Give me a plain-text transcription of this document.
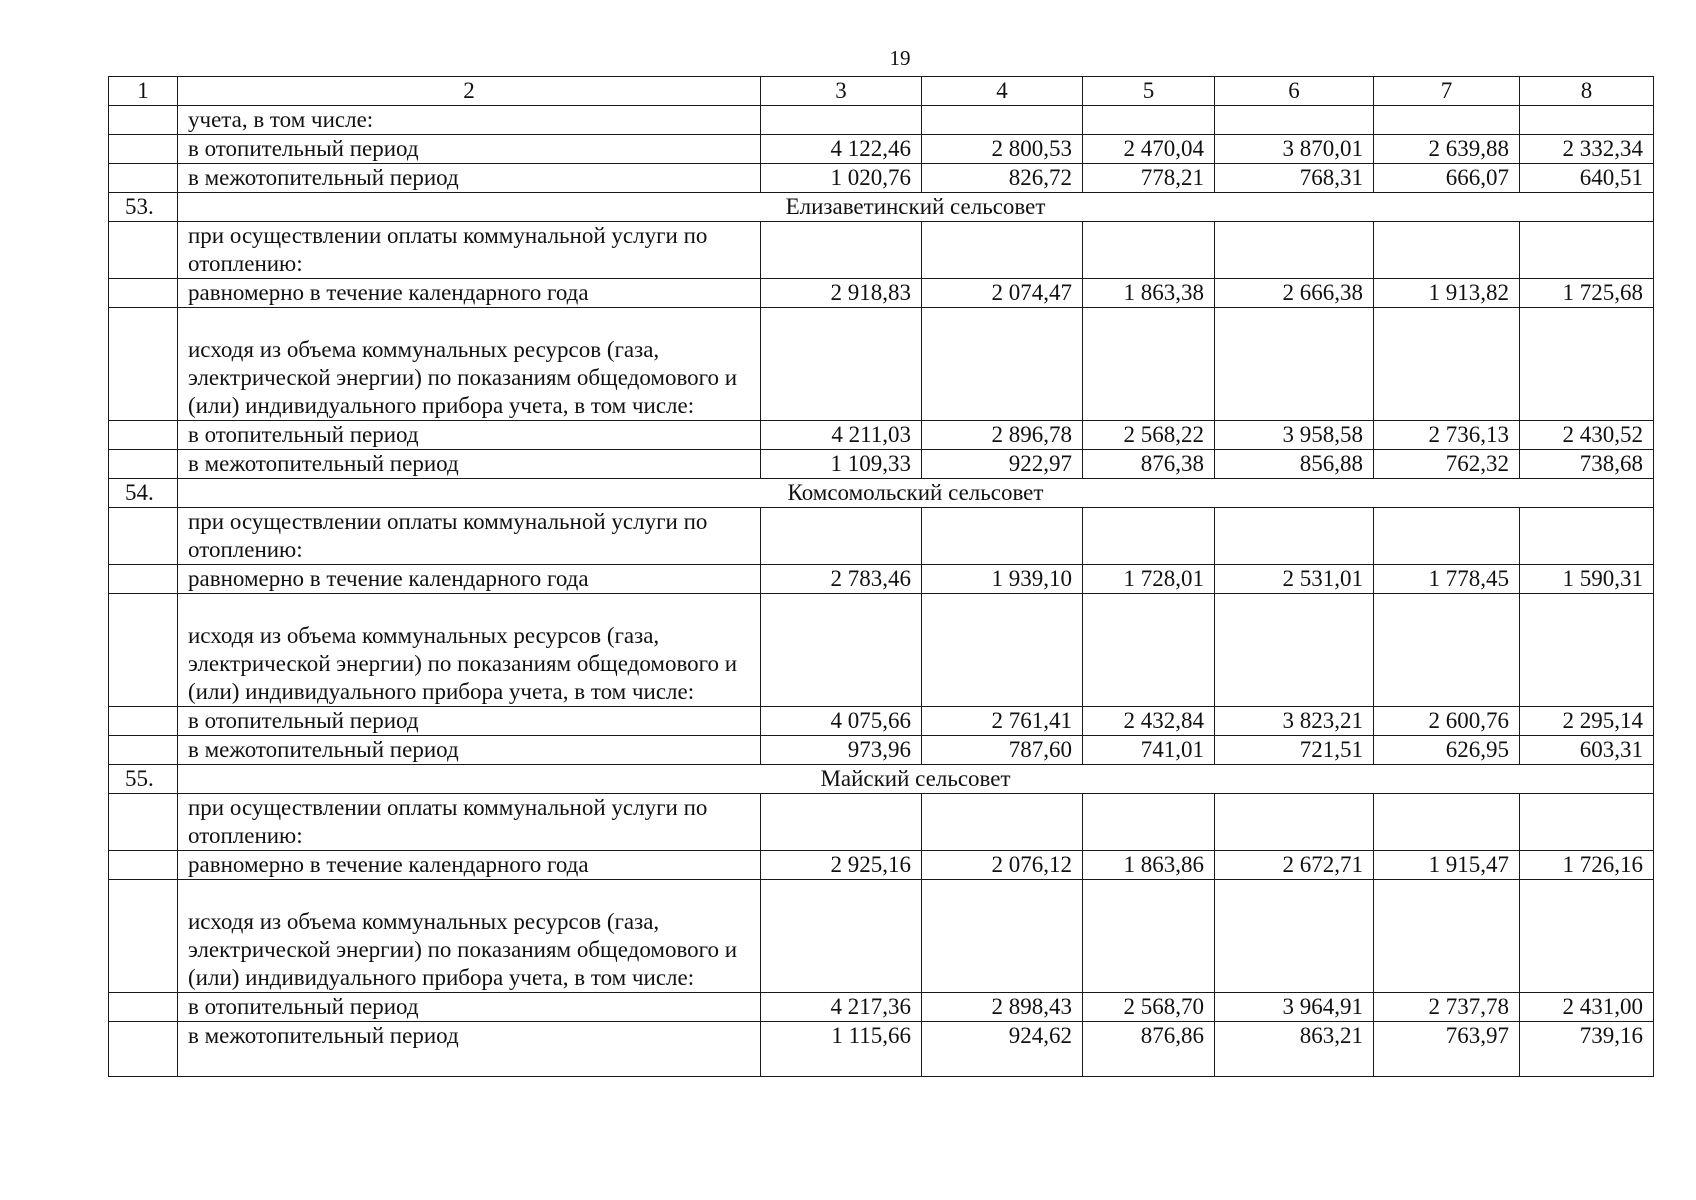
19
1	2	3	4	5	6	7	8
	учета, в том числе:						
	в отопительный период	4 122,46	2 800,53	2 470,04	3 870,01	2 639,88	2 332,34
	в межотопительный период	1 020,76	826,72	778,21	768,31	666,07	640,51
53.	Елизаветинский сельсовет						
	при осуществлении оплаты коммунальной услуги по отоплению:						
	равномерно в течение календарного года	2 918,83	2 074,47	1 863,38	2 666,38	1 913,82	1 725,68
	исходя из объема коммунальных ресурсов (газа, электрической энергии) по показаниям общедомового и (или) индивидуального прибора учета, в том числе:						
	в отопительный период	4 211,03	2 896,78	2 568,22	3 958,58	2 736,13	2 430,52
	в межотопительный период	1 109,33	922,97	876,38	856,88	762,32	738,68
54.	Комсомольский сельсовет						
	при осуществлении оплаты коммунальной услуги по отоплению:						
	равномерно в течение календарного года	2 783,46	1 939,10	1 728,01	2 531,01	1 778,45	1 590,31
	исходя из объема коммунальных ресурсов (газа, электрической энергии) по показаниям общедомового и (или) индивидуального прибора учета, в том числе:						
	в отопительный период	4 075,66	2 761,41	2 432,84	3 823,21	2 600,76	2 295,14
	в межотопительный период	973,96	787,60	741,01	721,51	626,95	603,31
55.	Майский сельсовет						
	при осуществлении оплаты коммунальной услуги по отоплению:						
	равномерно в течение календарного года	2 925,16	2 076,12	1 863,86	2 672,71	1 915,47	1 726,16
	исходя из объема коммунальных ресурсов (газа, электрической энергии) по показаниям общедомового и (или) индивидуального прибора учета, в том числе:						
	в отопительный период	4 217,36	2 898,43	2 568,70	3 964,91	2 737,78	2 431,00
	в межотопительный период	1 115,66	924,62	876,86	863,21	763,97	739,16
